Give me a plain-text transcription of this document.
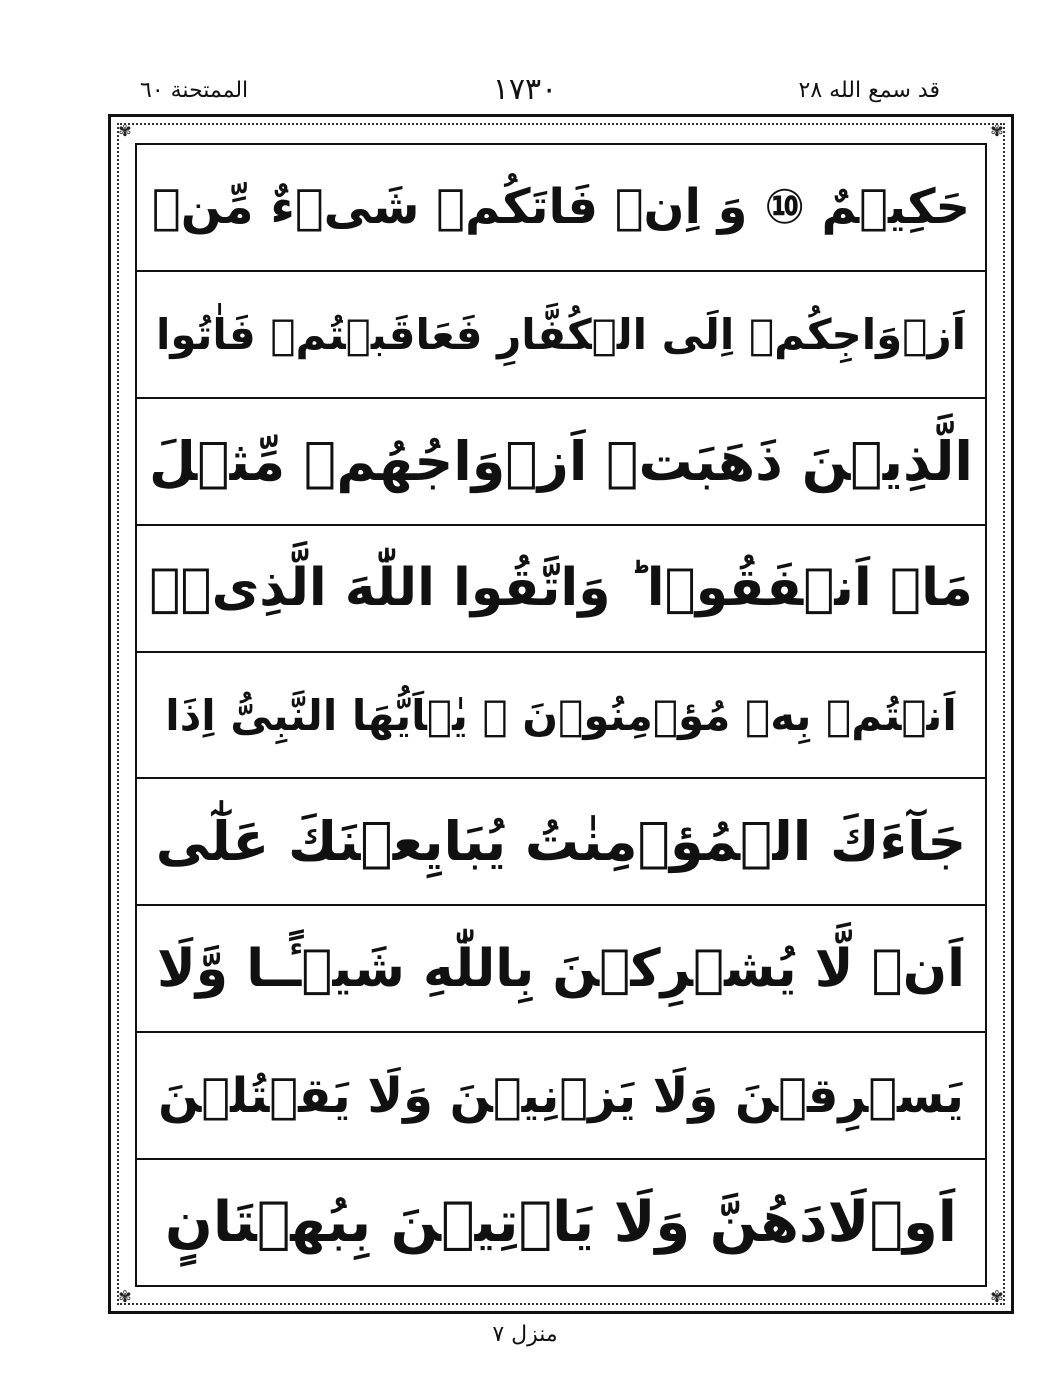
قد سمع الله ٢٨
١٧٣٠
الممتحنة ٦٠
✾	✾
✾	✾
حَكِيۡمٌ ⑩ وَ اِنۡ فَاتَكُمۡ شَىۡءٌ مِّنۡ
اَزۡوَاجِكُمۡ اِلَى الۡكُفَّارِ فَعَاقَبۡتُمۡ فَاٰتُوا
الَّذِيۡنَ ذَهَبَتۡ اَزۡوَاجُهُمۡ مِّثۡلَ
مَاۤ اَنۡفَقُوۡا ؕ وَاتَّقُوا اللّٰهَ الَّذِىۡۤ
اَنۡتُمۡ بِهٖ مُؤۡمِنُوۡنَ ⑪ يٰۤاَيُّهَا النَّبِىُّ اِذَا
جَآءَكَ الۡمُؤۡمِنٰتُ يُبَايِعۡنَكَ عَلٰٓى
اَنۡ لَّا يُشۡرِكۡنَ بِاللّٰهِ شَيۡـًٔـا وَّلَا
يَسۡرِقۡنَ وَلَا يَزۡنِيۡنَ وَلَا يَقۡتُلۡنَ
اَوۡلَادَهُنَّ وَلَا يَاۡتِيۡنَ بِبُهۡتَانٍ
منزل ٧
